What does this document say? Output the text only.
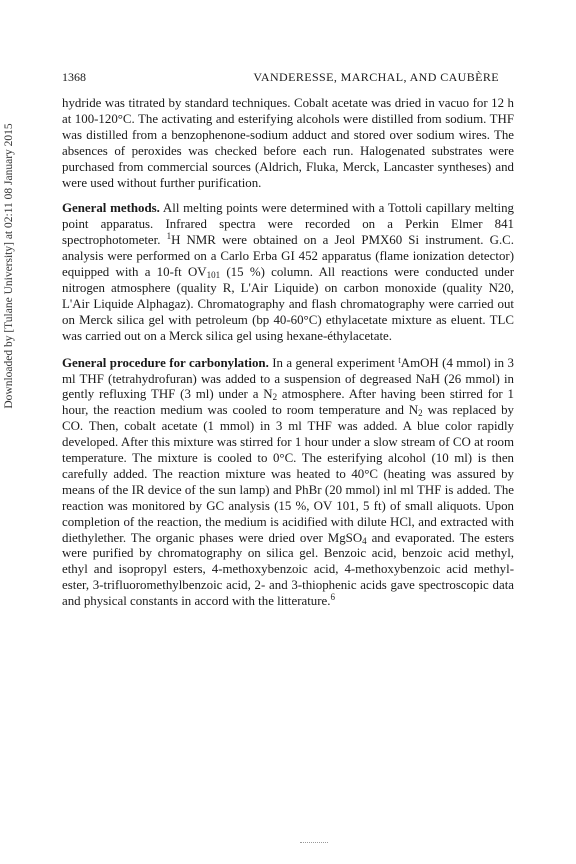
1368	VANDERESSE, MARCHAL, AND CAUBÈRE
Downloaded by [Tulane University] at 02:11 08 January 2015

hydride was titrated by standard techniques. Cobalt acetate was dried in vacuo for 12 h at 100-120°C. The activating and esterifying alcohols were distilled from sodium. THF was distilled from a benzophenone-sodium adduct and stored over sodium wires. The absences of peroxides was checked before each run. Halogenated substrates were purchased from commercial sources (Aldrich, Fluka, Merck, Lancaster syntheses) and were used without further purification.

General methods. All melting points were determined with a Tottoli capillary melting point apparatus. Infrared spectra were recorded on a Perkin Elmer 841 spectrophotometer. $^1$H NMR were obtained on a Jeol PMX60 Si instrument. G.C. analysis were performed on a Carlo Erba GI 452 apparatus (flame ionization detector) equipped with a 10-ft $OV_{101}$ (15 %) column. All reactions were conducted under nitrogen atmosphere (quality R, L'Air Liquide) on carbon monoxide (quality N20, L'Air Liquide Alphagaz). Chromatography and flash chromatography were carried out on Merck silica gel with petroleum (bp 40-60°C) ethylacetate mixture as eluent. TLC was carried out on a Merck silica gel using hexane-éthylacetate.

General procedure for carbonylation. In a general experiment $^t$AmOH (4 mmol) in 3 ml THF (tetrahydrofuran) was added to a suspension of degreased NaH (26 mmol) in gently refluxing THF (3 ml) under a $N_2$ atmosphere. After having been stirred for 1 hour, the reaction medium was cooled to room temperature and $N_2$ was replaced by CO. Then, cobalt acetate (1 mmol) in 3 ml THF was added. A blue color rapidly developed. After this mixture was stirred for 1 hour under a slow stream of CO at room temperature. The mixture is cooled to 0°C. The esterifying alcohol (10 ml) is then carefully added. The reaction mixture was heated to 40°C (heating was assured by means of the IR device of the sun lamp) and PhBr (20 mmol) inl ml THF is added. The reaction was monitored by GC analysis (15 %, OV 101, 5 ft) of small aliquots. Upon completion of the reaction, the medium is acidified with dilute HCl, and extracted with diethylether. The organic phases were dried over MgSO$_4$ and evaporated. The esters were purified by chromatography on silica gel. Benzoic acid, benzoic acid methyl, ethyl and isopropyl esters, 4-methoxybenzoic acid, 4-methoxybenzoic acid methyl-ester, 3-trifluoromethylbenzoic acid, 2- and 3-thiophenic acids gave spectroscopic data and physical constants in accord with the litterature.$^6$
